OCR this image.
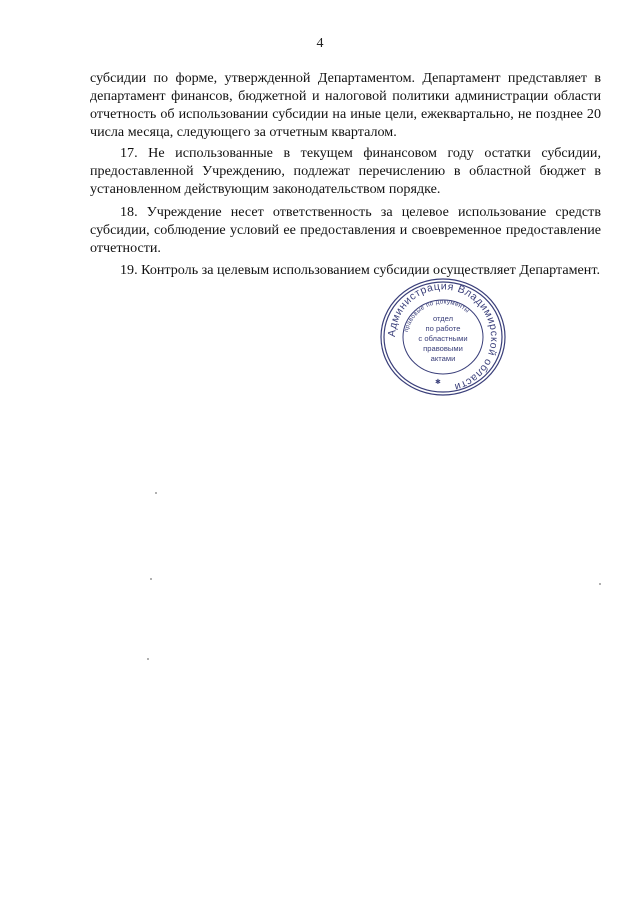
4

субсидии по форме, утвержденной Департаментом. Департамент представляет в департамент финансов, бюджетной и налоговой политики администрации области отчетность об использовании субсидии на иные цели, ежеквартально, не позднее 20 числа месяца, следующего за отчетным кварталом.

17. Не использованные в текущем финансовом году остатки субсидии, предоставленной Учреждению, подлежат перечислению в областной бюджет в установленном действующим законодательством порядке.

18. Учреждение несет ответственность за целевое использование средств субсидии, соблюдение условий ее предоставления и своевременное предоставление отчетности.

19. Контроль за целевым использованием субсидии осуществляет Департамент.

Администрация Владимирской области
правовые по документы
отдел
по работе
с областными
правовыми
актами
✱
